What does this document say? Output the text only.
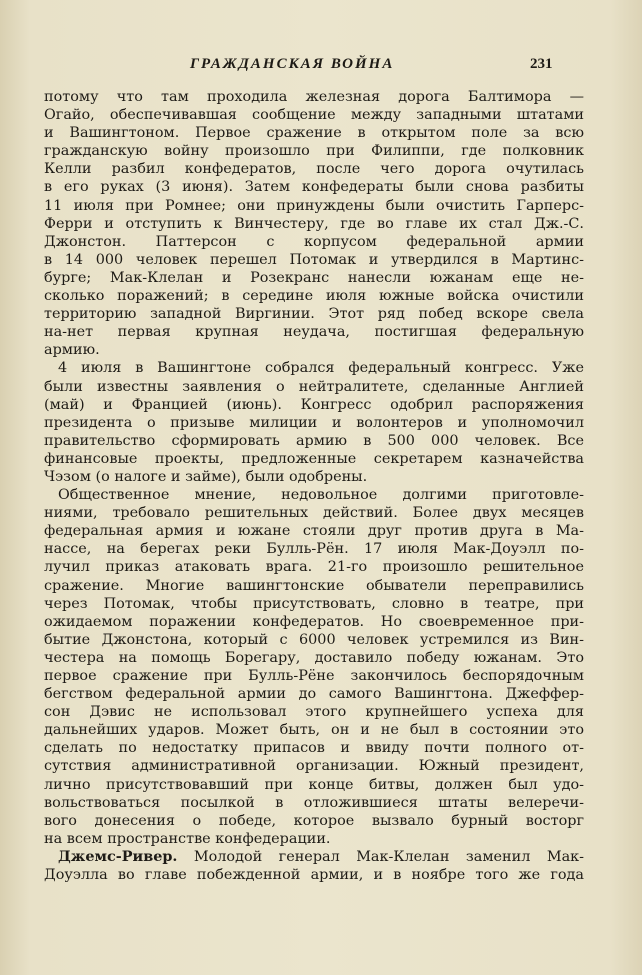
ГРАЖДАНСКАЯ ВОЙНА	231
потому что там проходила железная дорога Балтимора —
Огайо, обеспечивавшая сообщение между западными штатами
и Вашингтоном. Первое сражение в открытом поле за всю
гражданскую войну произошло при Филиппи, где полковник
Келли разбил конфедератов, после чего дорога очутилась
в его руках (3 июня). Затем конфедераты были снова разбиты
11 июля при Ромнее; они принуждены были очистить Гарперс-
Ферри и отступить к Винчестеру, где во главе их стал Дж.-С.
Джонстон. Паттерсон с корпусом федеральной армии
в 14 000 человек перешел Потомак и утвердился в Мартинс-
бурге; Мак-Клелан и Розекранс нанесли южанам еще не-
сколько поражений; в середине июля южные войска очистили
территорию западной Виргинии. Этот ряд побед вскоре свела
на-нет первая крупная неудача, постигшая федеральную
армию.
4 июля в Вашингтоне собрался федеральный конгресс. Уже
были известны заявления о нейтралитете, сделанные Англией
(май) и Францией (июнь). Конгресс одобрил распоряжения
президента о призыве милиции и волонтеров и уполномочил
правительство сформировать армию в 500 000 человек. Все
финансовые проекты, предложенные секретарем казначейства
Чэзом (о налоге и займе), были одобрены.
Общественное мнение, недовольное долгими приготовле-
ниями, требовало решительных действий. Более двух месяцев
федеральная армия и южане стояли друг против друга в Ма-
нассе, на берегах реки Булль-Рён. 17 июля Мак-Доуэлл по-
лучил приказ атаковать врага. 21-го произошло решительное
сражение. Многие вашингтонские обыватели переправились
через Потомак, чтобы присутствовать, словно в театре, при
ожидаемом поражении конфедератов. Но своевременное при-
бытие Джонстона, который с 6000 человек устремился из Вин-
честера на помощь Борегару, доставило победу южанам. Это
первое сражение при Булль-Рёне закончилось беспорядочным
бегством федеральной армии до самого Вашингтона. Джеффер-
сон Дэвис не использовал этого крупнейшего успеха для
дальнейших ударов. Может быть, он и не был в состоянии это
сделать по недостатку припасов и ввиду почти полного от-
сутствия административной организации. Южный президент,
лично присутствовавший при конце битвы, должен был удо-
вольствоваться посылкой в отложившиеся штаты велеречи-
вого донесения о победе, которое вызвало бурный восторг
на всем пространстве конфедерации.
Джемс-Ривер. Молодой генерал Мак-Клелан заменил Мак-
Доуэлла во главе побежденной армии, и в ноябре того же года
